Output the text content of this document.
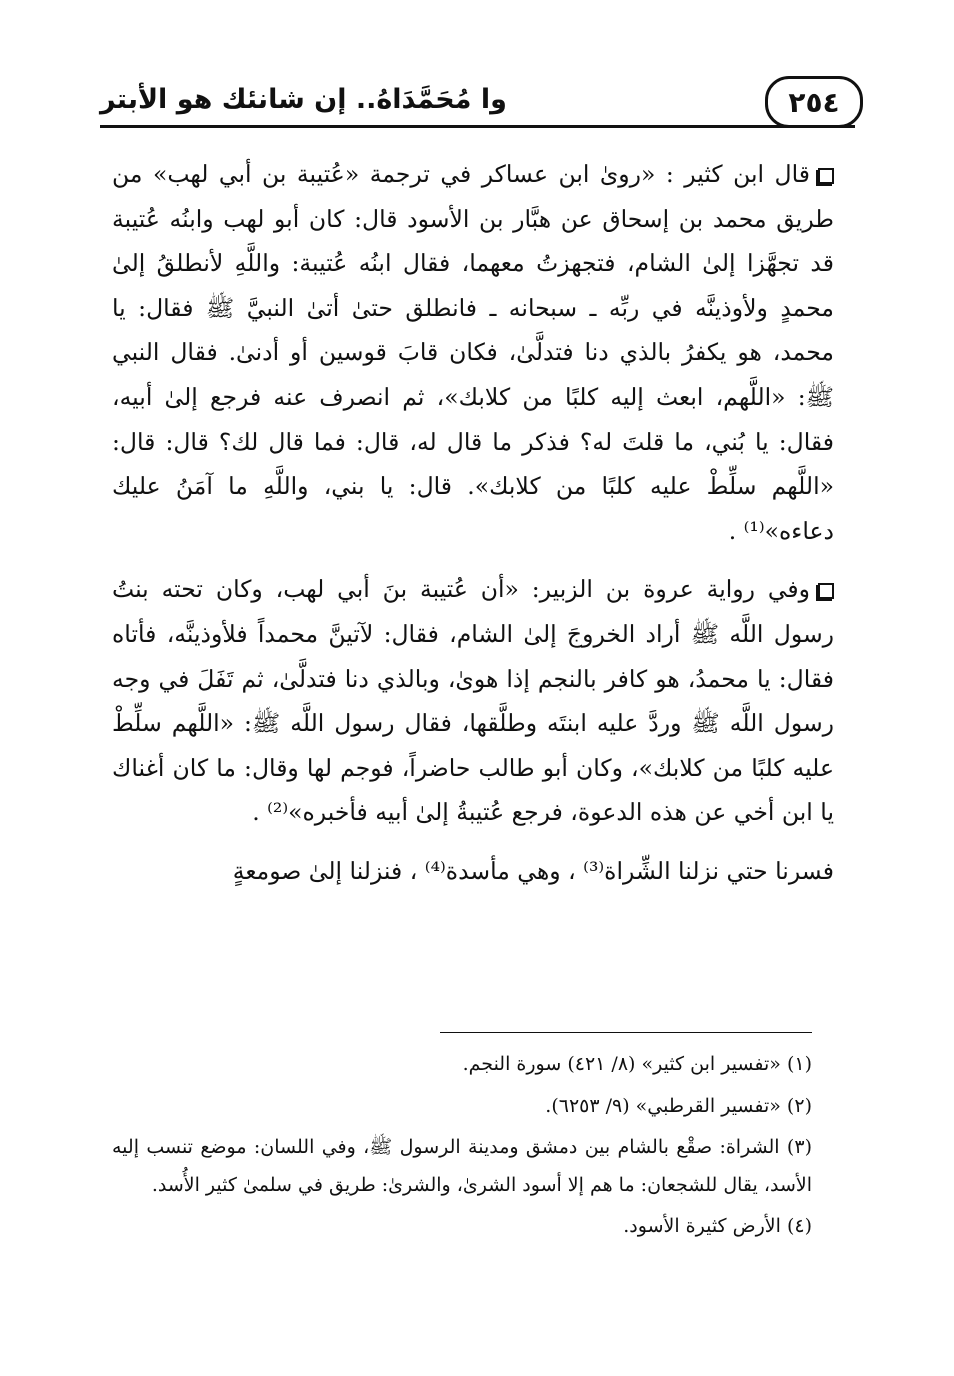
٢٥٤
وا مُحَمَّدَاهُ.. إن شانئك هو الأبتر

قال ابن كثير : «روىٰ ابن عساكر في ترجمة «عُتيبة بن أبي لهب» من طريق محمد بن إسحاق عن هبَّار بن الأسود قال: كان أبو لهب وابنُه عُتيبة قد تجهَّزا إلىٰ الشام، فتجهزتُ معهما، فقال ابنُه عُتيبة: واللَّهِ لأنطلقُ إلىٰ محمدٍ ولأوذينَّه في ربِّه ـ سبحانه ـ فانطلق حتىٰ أتىٰ النبيَّ ﷺ فقال: يا محمد، هو يكفرُ بالذي دنا فتدلَّىٰ، فكان قابَ قوسين أو أدنىٰ. فقال النبي ﷺ: «اللَّهم، ابعث إليه كلبًا من كلابك»، ثم انصرف عنه فرجع إلىٰ أبيه، فقال: يا بُني، ما قلتَ له؟ فذكر ما قال له، قال: فما قال لك؟ قال: قال: «اللَّهم سلِّطْ عليه كلبًا من كلابك». قال: يا بني، واللَّهِ ما آمَنُ عليك دعاءه»⁽¹⁾ .

وفي رواية عروة بن الزبير: «أن عُتيبة بنَ أبي لهب، وكان تحته بنتُ رسول اللَّه ﷺ أراد الخروجَ إلىٰ الشام، فقال: لآتينَّ محمداً فلأوذينَّه، فأتاه فقال: يا محمدُ، هو كافر بالنجم إذا هوىٰ، وبالذي دنا فتدلَّىٰ، ثم تَفَلَ في وجه رسول اللَّه ﷺ وردَّ عليه ابنتَه وطلَّقها، فقال رسول اللَّه ﷺ: «اللَّهم سلِّطْ عليه كلبًا من كلابك»، وكان أبو طالب حاضراً، فوجم لها وقال: ما كان أغناك يا ابن أخي عن هذه الدعوة، فرجع عُتيبةُ إلىٰ أبيه فأخبره»⁽²⁾ .

فسرنا حتي نزلنا الشِّراة⁽³⁾ ، وهي مأسدة⁽⁴⁾ ، فنزلنا إلىٰ صومعةٍ

(١) «تفسير ابن كثير» (٨/ ٤٢١) سورة النجم.

(٢) «تفسير القرطبي» (٩/ ٦٢٥٣).

(٣) الشراة: صقْع بالشام بين دمشق ومدينة الرسول ﷺ، وفي اللسان: موضع تنسب إليه الأسد، يقال للشجعان: ما هم إلا أسود الشرىٰ، والشرىٰ: طريق في سلمىٰ كثير الأُسد.

(٤) الأرض كثيرة الأسود.
